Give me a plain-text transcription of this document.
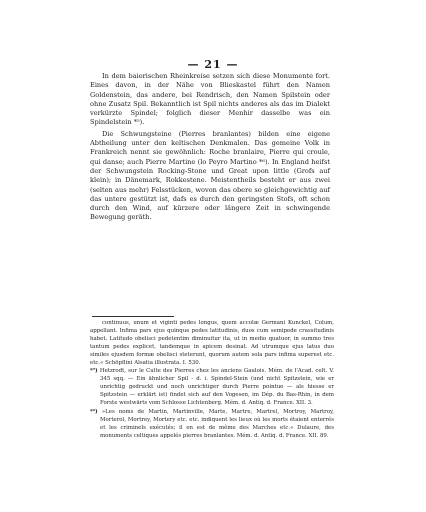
— 21 —

In dem baierischen Rheinkreise setzen sich diese Monumente fort. Eines davon, in der Nähe von Blieskastel führt den Namen Goldenstein, das andere, bei Rendrisch, den Namen Spilstein oder ohne Zusatz Spil. Bekanntlich ist Spil nichts anderes als das im Dialekt verkürzte Spindel; folglich dieser Menhir dasselbe was ein Spindelstein *⁵).

Die Schwungsteine (Pierres branlantes) bilden eine eigene Abtheilung unter den keltischen Denkmalen. Das gemeine Volk in Frankreich nennt sie gewöhnlich: Roche branlaire, Pierre qui croule, qui danse; auch Pierre Martine (lo Peyro Martino *⁶). In England heifst der Schwungstein Rocking-Stone und Great upon little (Grofs auf klein); in Dänemark, Rokkestene. Meistentheils besteht er aus zwei (selten aus mehr) Felsstücken, wovon das obere so gleichgewichtig auf das untere gestützt ist, dafs es durch den geringsten Stofs, oft schon durch den Wind, auf kürzere oder längere Zeit in schwingende Bewegung geräth.

continuus, unum et viginti pedes longus, quem accolæ Germani Kunckel, Colum, appellant. Infima pars ejus quinque pedes latitudinis, duos cum semipede crassitudinis habet. Latitudo obelisci pedetentim diminuitur ita, ut in medio quatuor, in summo tres tantum pedes explicet, tandemque in apicem desinat. Ad utrumque ejus latus duo similes ejusdem formæ obelisci steterunt, quorum autem sola pars infima superest etc. etc.« Schöpflini Alsatia illustrata. I. 530.

*⁵) Hetzrodt, sur le Culte des Pierres chez les anciens Gaulois. Mém. de l'Acad. celt. V. 345 sqq. — Ein ähnlicher Spil - d. i. Spindel-Stein (und nicht Spitzstein, wie er unrichtig gedruckt und noch unrichtiger durch Pierre pointue — als hiesse er Spitzstein — erklärt ist) findet sich auf den Vogesen, im Dép. du Bas-Rhin, in dem Forste westwärts vom Schlosse Lichtenberg. Mém. d. Antiq. d. France. XII. 3.

*⁶) »Les noms de Martin, Martinville, Marte, Martre, Martrel, Mortroy, Martroy, Morterol, Mortrey, Mortery etc. etc. indiquent les lieux où les morts étaient enterrés et les criminels exécutés; il en est de même des Marches etc.« Dulaure, des monuments celtiques appelés pierres branlantes. Mém. d. Antiq. d. France. XII. 89.
